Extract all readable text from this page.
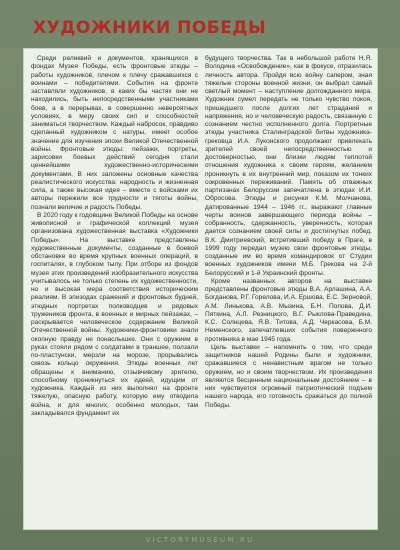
ХУДОЖНИКИ ПОБЕДЫ

Среди реликвий и документов, хранящихся в фондах Музея Победы, есть фронтовые этюды – работы художников, плечом к плечу сражавшихся с воинами – победителями. События на фронте заставляли художников, в каких бы частях они не находились, быть непосредственными участниками боев, а в перерывах, в совершенно невероятных условиях, в меру своих сил и способностей заниматься творчеством. Каждый набросок, правдиво сделанный художником с натуры, имеет особое значение для изучения эпохи Великой Отечественной войны. Фронтовые этюды: пейзажи, портреты, зарисовки боевых действий сегодня стали ценнейшими художественно-историческими документами. В них заложены основные качества реалистического искусства: народность и жизненная сила, а также высокая идея – вместе с войсками их авторы пережили все трудности и тяготы войны, познали величие и радость Победы.

В 2020 году к годовщине Великой Победы на основе живописной и графической коллекций музея организована художественная выставка «Художники Победы». На выставке представлены художественные документы, созданные в боевой обстановке во время крупных военных операций, в госпиталях, в глубоком тылу. При отборе из фондов музея этих произведений изобразительного искусства учитывалось не только степень их художественности, но и высокая мера соответствия историческим реалиям. В эпизодах сражений и фронтовых будней, этюдных портретах полководцев и рядовых тружеников фронта, в военных и мирных пейзажах, – раскрывается человеческое содержание Великой Отечественной войны. Художники-фронтовики знали окопную правду не понаслышке. Они с оружием в руках стояли рядом с солдатами в траншее, ползали по-пластунски, мерзли на морозе, прорывались сквозь кольцо окружения. Этюды военных лет обращены к вниманию, отзывчивому зрителю, способному проникнуться их идеей, идущим от художника. Каждый из них выполнял на фронте тяжелую, опасную работу, которую ему отводила война, и для многих, особенно молодых, там закладывался фундамент их

будущего творчества. Так в небольшой работе Н.Я. Володина «Освобождение», как в фокусе, отразилась личность автора. Пройдя всю войну сапером, зная тяжелые стороны военной жизни, он выбрал самый светлый момент – наступление долгожданного мира. Художник сумел передать не только чувство покоя, пришедшего после долгих лет страданий и напряжения, но и человеческую радость, связанную с сознанием честно исполненного долга. Портретные этюды участника Сталинградской битвы художника-грековца И.А. Луконского продолжают привлекать зрителей своей непосредственностью и достоверностью, они близки людям теплотой отношения художника к своим героям, желанием проникнуть в их внутренний мир, показом их тонких сокровенных переживаний. Память об отважных партизанах Белоруссии запечатлена в этюдах И.И. Обросова. Этюды и рисунки К.М. Молчанова, датированные 1944 – 1946 гг., выражают главные черты воинов завершающего периода войны – собранность, сдержанность, уверенность, которая дается сознанием своей силы и достигнутых побед. В.К. Дмитриевский, встретивший победу в Праге, в 1999 году передал музею свои фронтовые этюды, созданные им во время командировок от Студии военных художников имени М.Б. Грекова на 2-й Белорусский и 1-й Украинский фронты.

Кроме названных авторов на выставке представлены фронтовые этюды В.А. Арлашина, А.А. Богданова, Р.Г. Горелова, И.А. Ершова, Е.С. Зерновой, А.М. Линькова, А.В. Мызина, Б.Н. Попова, Д.И. Пяткина, А.Л. Резницкого, В.Г. Рыклова-Праведина, К.С. Солнцева, Я.В. Титова, А.Д. Черкасова, Б.М. Неменского, запечатлевших события повержнного противника в мае 1945 года.

Цель выставки – напомнить о том, что среди защитников нашей Родины были и художники, сражавшиеся с ненавистным врагом не только оружием, но и своим творчеством. Их произведения являются бесценным национальным достоянием – в них чувствуется огромный патриотический подъем нашего народа, его готовность сражаться до полной Победы.

VICTORYMUSEUM.RU
